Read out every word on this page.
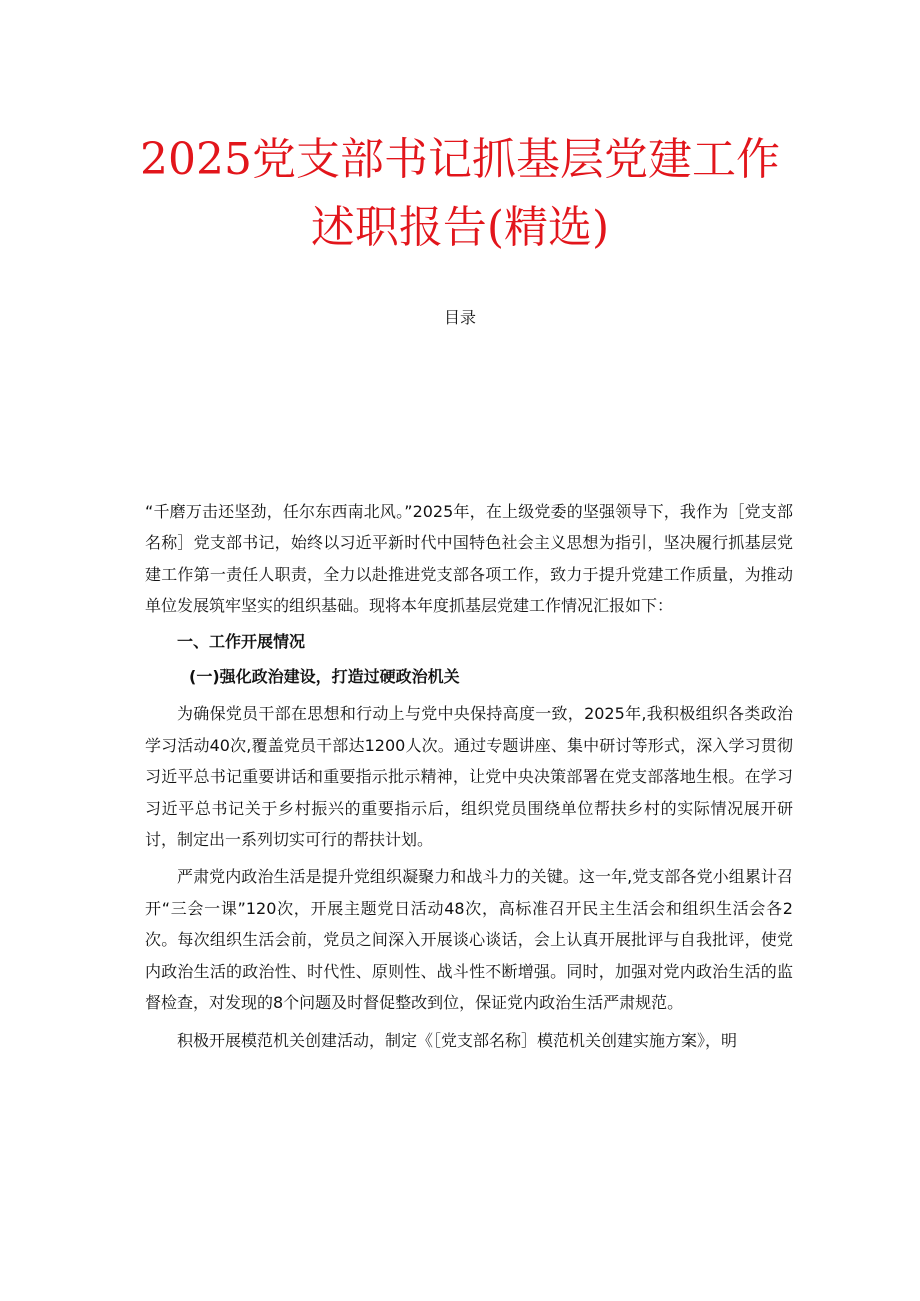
2025党支部书记抓基层党建工作
述职报告(精选)
目录

“千磨万击还坚劲，任尔东西南北风。”2025年，在上级党委的坚强领导下，我作为［党支部名称］党支部书记，始终以习近平新时代中国特色社会主义思想为指引，坚决履行抓基层党建工作第一责任人职责，全力以赴推进党支部各项工作，致力于提升党建工作质量，为推动单位发展筑牢坚实的组织基础。现将本年度抓基层党建工作情况汇报如下：

一、工作开展情况

(一)强化政治建设，打造过硬政治机关

为确保党员干部在思想和行动上与党中央保持高度一致，2025年,我积极组织各类政治学习活动40次,覆盖党员干部达1200人次。通过专题讲座、集中研讨等形式，深入学习贯彻习近平总书记重要讲话和重要指示批示精神，让党中央决策部署在党支部落地生根。在学习习近平总书记关于乡村振兴的重要指示后，组织党员围绕单位帮扶乡村的实际情况展开研讨，制定出一系列切实可行的帮扶计划。

严肃党内政治生活是提升党组织凝聚力和战斗力的关键。这一年,党支部各党小组累计召开“三会一课”120次，开展主题党日活动48次，高标准召开民主生活会和组织生活会各2次。每次组织生活会前，党员之间深入开展谈心谈话，会上认真开展批评与自我批评，使党内政治生活的政治性、时代性、原则性、战斗性不断增强。同时，加强对党内政治生活的监督检查，对发现的8个问题及时督促整改到位，保证党内政治生活严肃规范。

积极开展模范机关创建活动，制定《［党支部名称］模范机关创建实施方案》，明
